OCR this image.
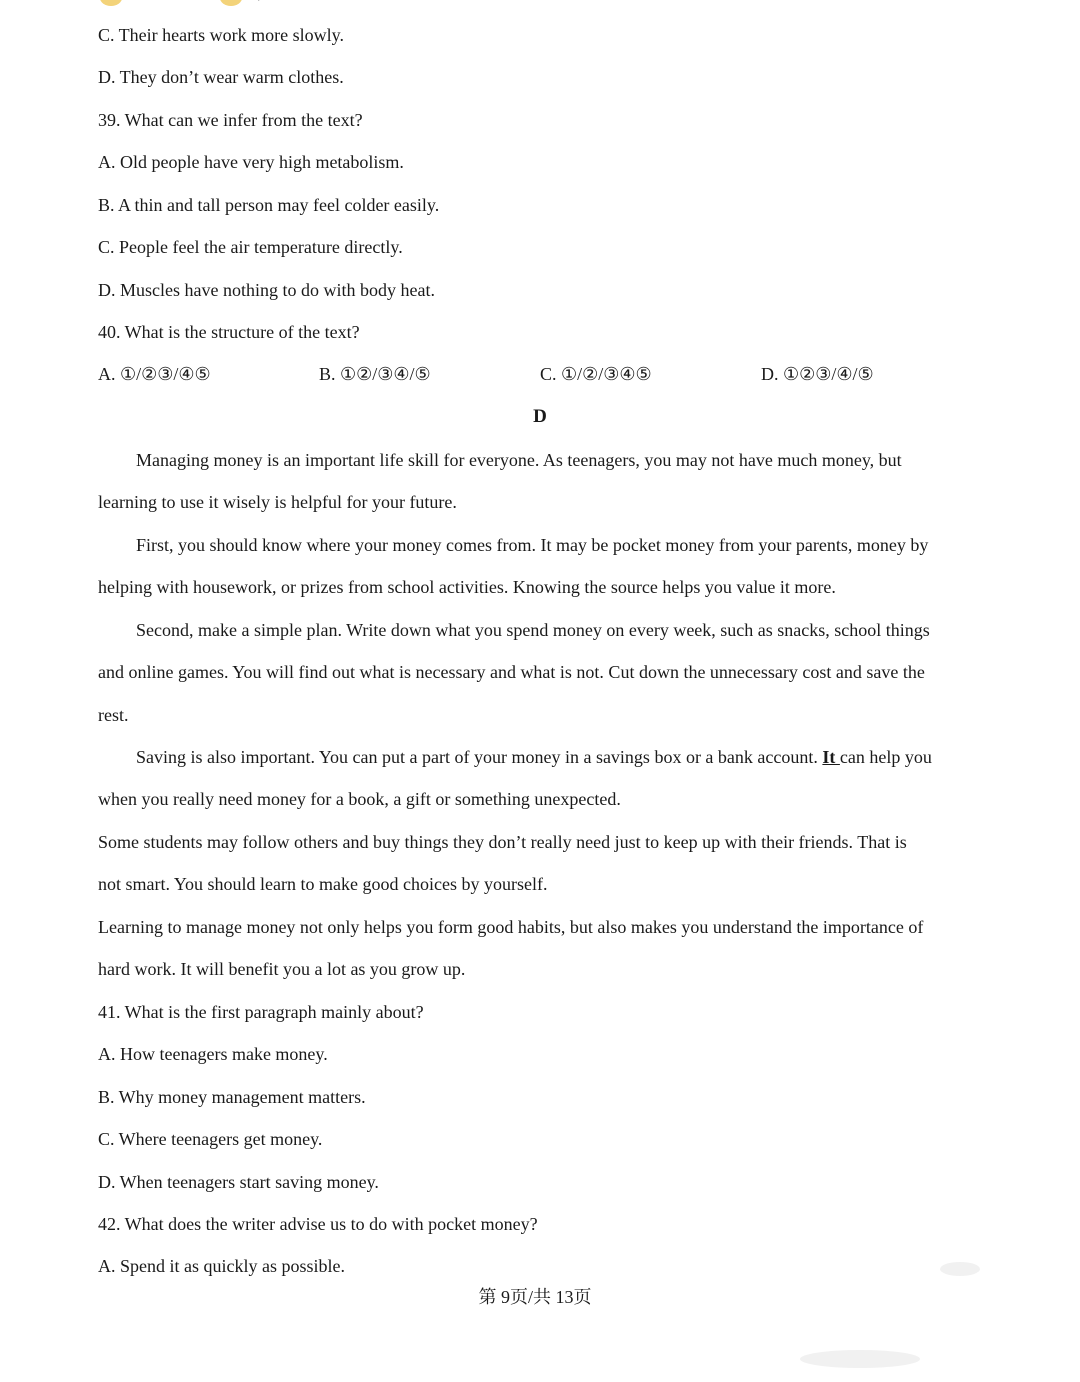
C. Their hearts work more slowly.
D. They don’t wear warm clothes.
39. What can we infer from the text?
A. Old people have very high metabolism.
B. A thin and tall person may feel colder easily.
C. People feel the air temperature directly.
D. Muscles have nothing to do with body heat.
40. What is the structure of the text?
A. ①/②③/④⑤	B. ①②/③④/⑤	C. ①/②/③④⑤	D. ①②③/④/⑤
D
Managing money is an important life skill for everyone. As teenagers, you may not have much money, but
learning to use it wisely is helpful for your future.
First, you should know where your money comes from. It may be pocket money from your parents, money by
helping with housework, or prizes from school activities. Knowing the source helps you value it more.
Second, make a simple plan. Write down what you spend money on every week, such as snacks, school things
and online games. You will find out what is necessary and what is not. Cut down the unnecessary cost and save the
rest.
Saving is also important. You can put a part of your money in a savings box or a bank account. It can help you
when you really need money for a book, a gift or something unexpected.
Some students may follow others and buy things they don’t really need just to keep up with their friends. That is
not smart. You should learn to make good choices by yourself.
Learning to manage money not only helps you form good habits, but also makes you understand the importance of
hard work. It will benefit you a lot as you grow up.
41. What is the first paragraph mainly about?
A. How teenagers make money.
B. Why money management matters.
C. Where teenagers get money.
D. When teenagers start saving money.
42. What does the writer advise us to do with pocket money?
A. Spend it as quickly as possible.
第 9页/共 13页
